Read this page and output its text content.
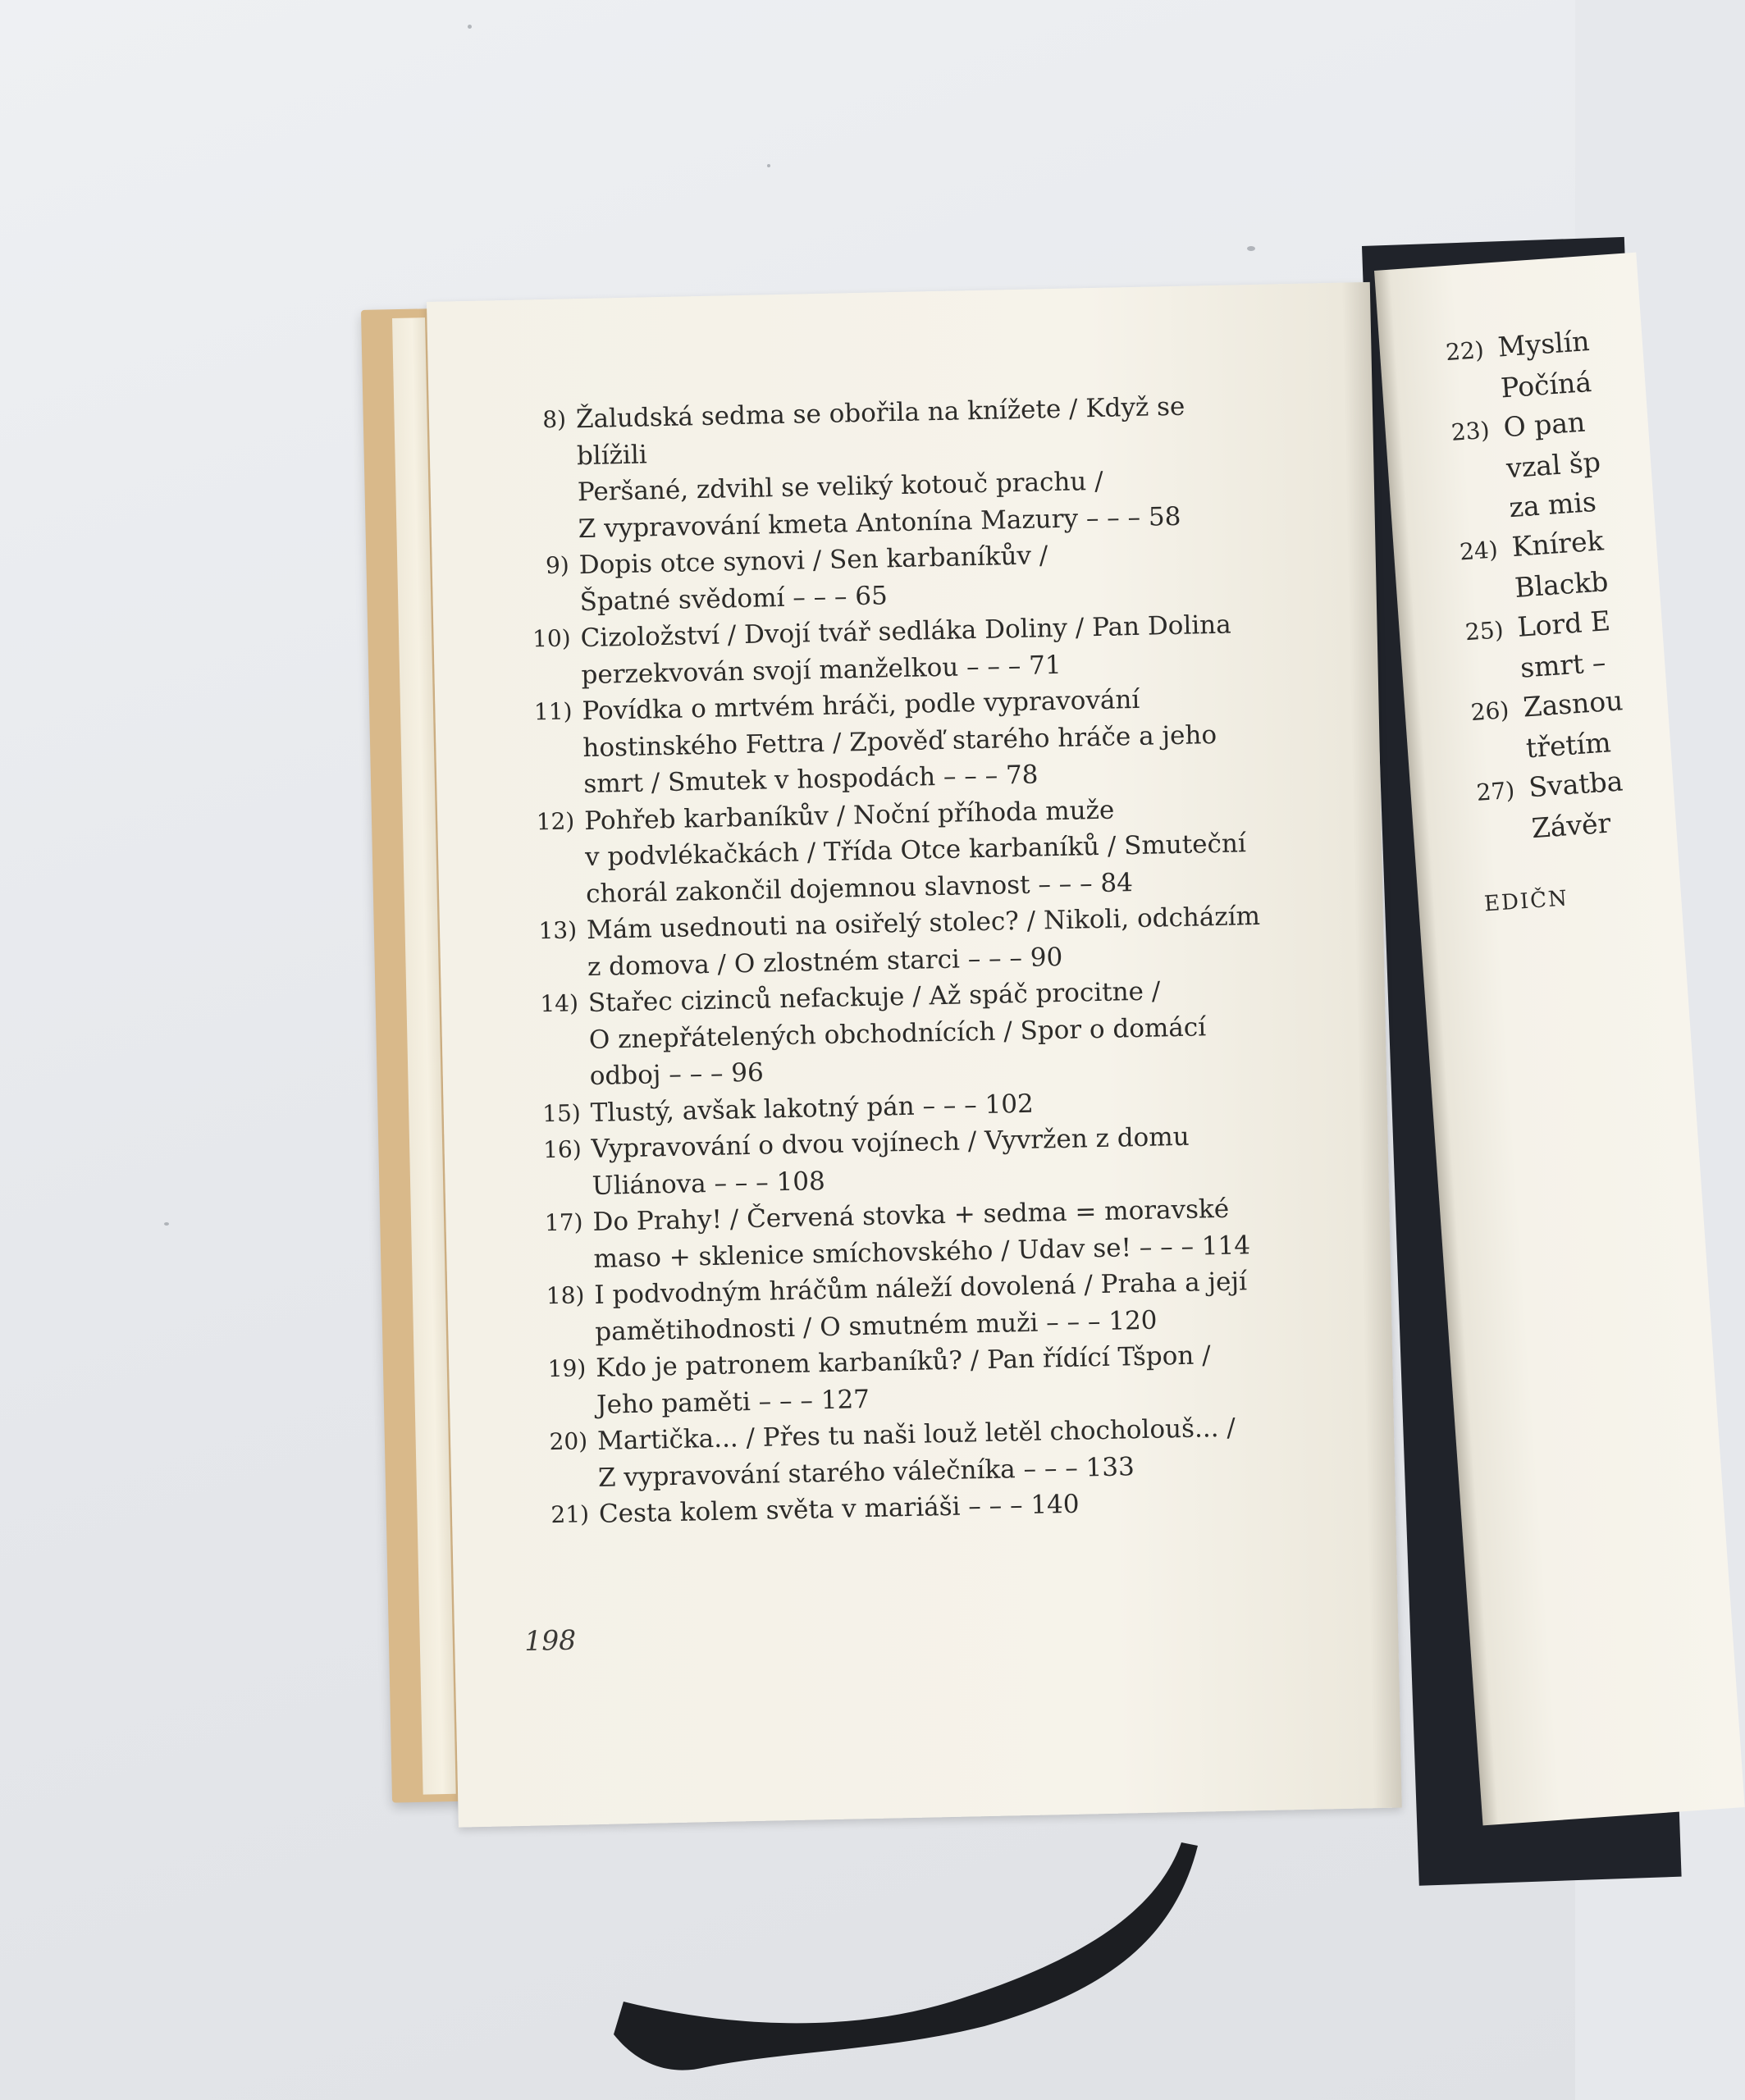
22) Myslín
Počíná
23) O pan
vzal šp
za mis
24) Knírek
Blackb
25) Lord E
smrt –
26) Zasnou
třetím
27) Svatba
Závěr
EDIČN
8) Žaludská sedma se obořila na knížete / Když se blížili
Peršané, zdvihl se veliký kotouč prachu /
Z vypravování kmeta Antonína Mazury – – – 58
9) Dopis otce synovi / Sen karbaníkův /
Špatné svědomí – – – 65
10) Cizoložství / Dvojí tvář sedláka Doliny / Pan Dolina
perzekvován svojí manželkou – – – 71
11) Povídka o mrtvém hráči, podle vypravování
hostinského Fettra / Zpověď starého hráče a jeho
smrt / Smutek v hospodách – – – 78
12) Pohřeb karbaníkův / Noční příhoda muže
v podvlékačkách / Třída Otce karbaníků / Smuteční
chorál zakončil dojemnou slavnost – – – 84
13) Mám usednouti na osiřelý stolec? / Nikoli, odcházím
z domova / O zlostném starci – – – 90
14) Stařec cizinců nefackuje / Až spáč procitne /
O znepřátelených obchodnících / Spor o domácí
odboj – – – 96
15) Tlustý, avšak lakotný pán – – – 102
16) Vypravování o dvou vojínech / Vyvržen z domu
Uliánova – – – 108
17) Do Prahy! / Červená stovka + sedma = moravské
maso + sklenice smíchovského / Udav se! – – – 114
18) I podvodným hráčům náleží dovolená / Praha a její
pamětihodnosti / O smutném muži – – – 120
19) Kdo je patronem karbaníků? / Pan řídící Tšpon /
Jeho paměti – – – 127
20) Martička... / Přes tu naši louž letěl chocholouš... /
Z vypravování starého válečníka – – – 133
21) Cesta kolem světa v mariáši – – – 140
198
